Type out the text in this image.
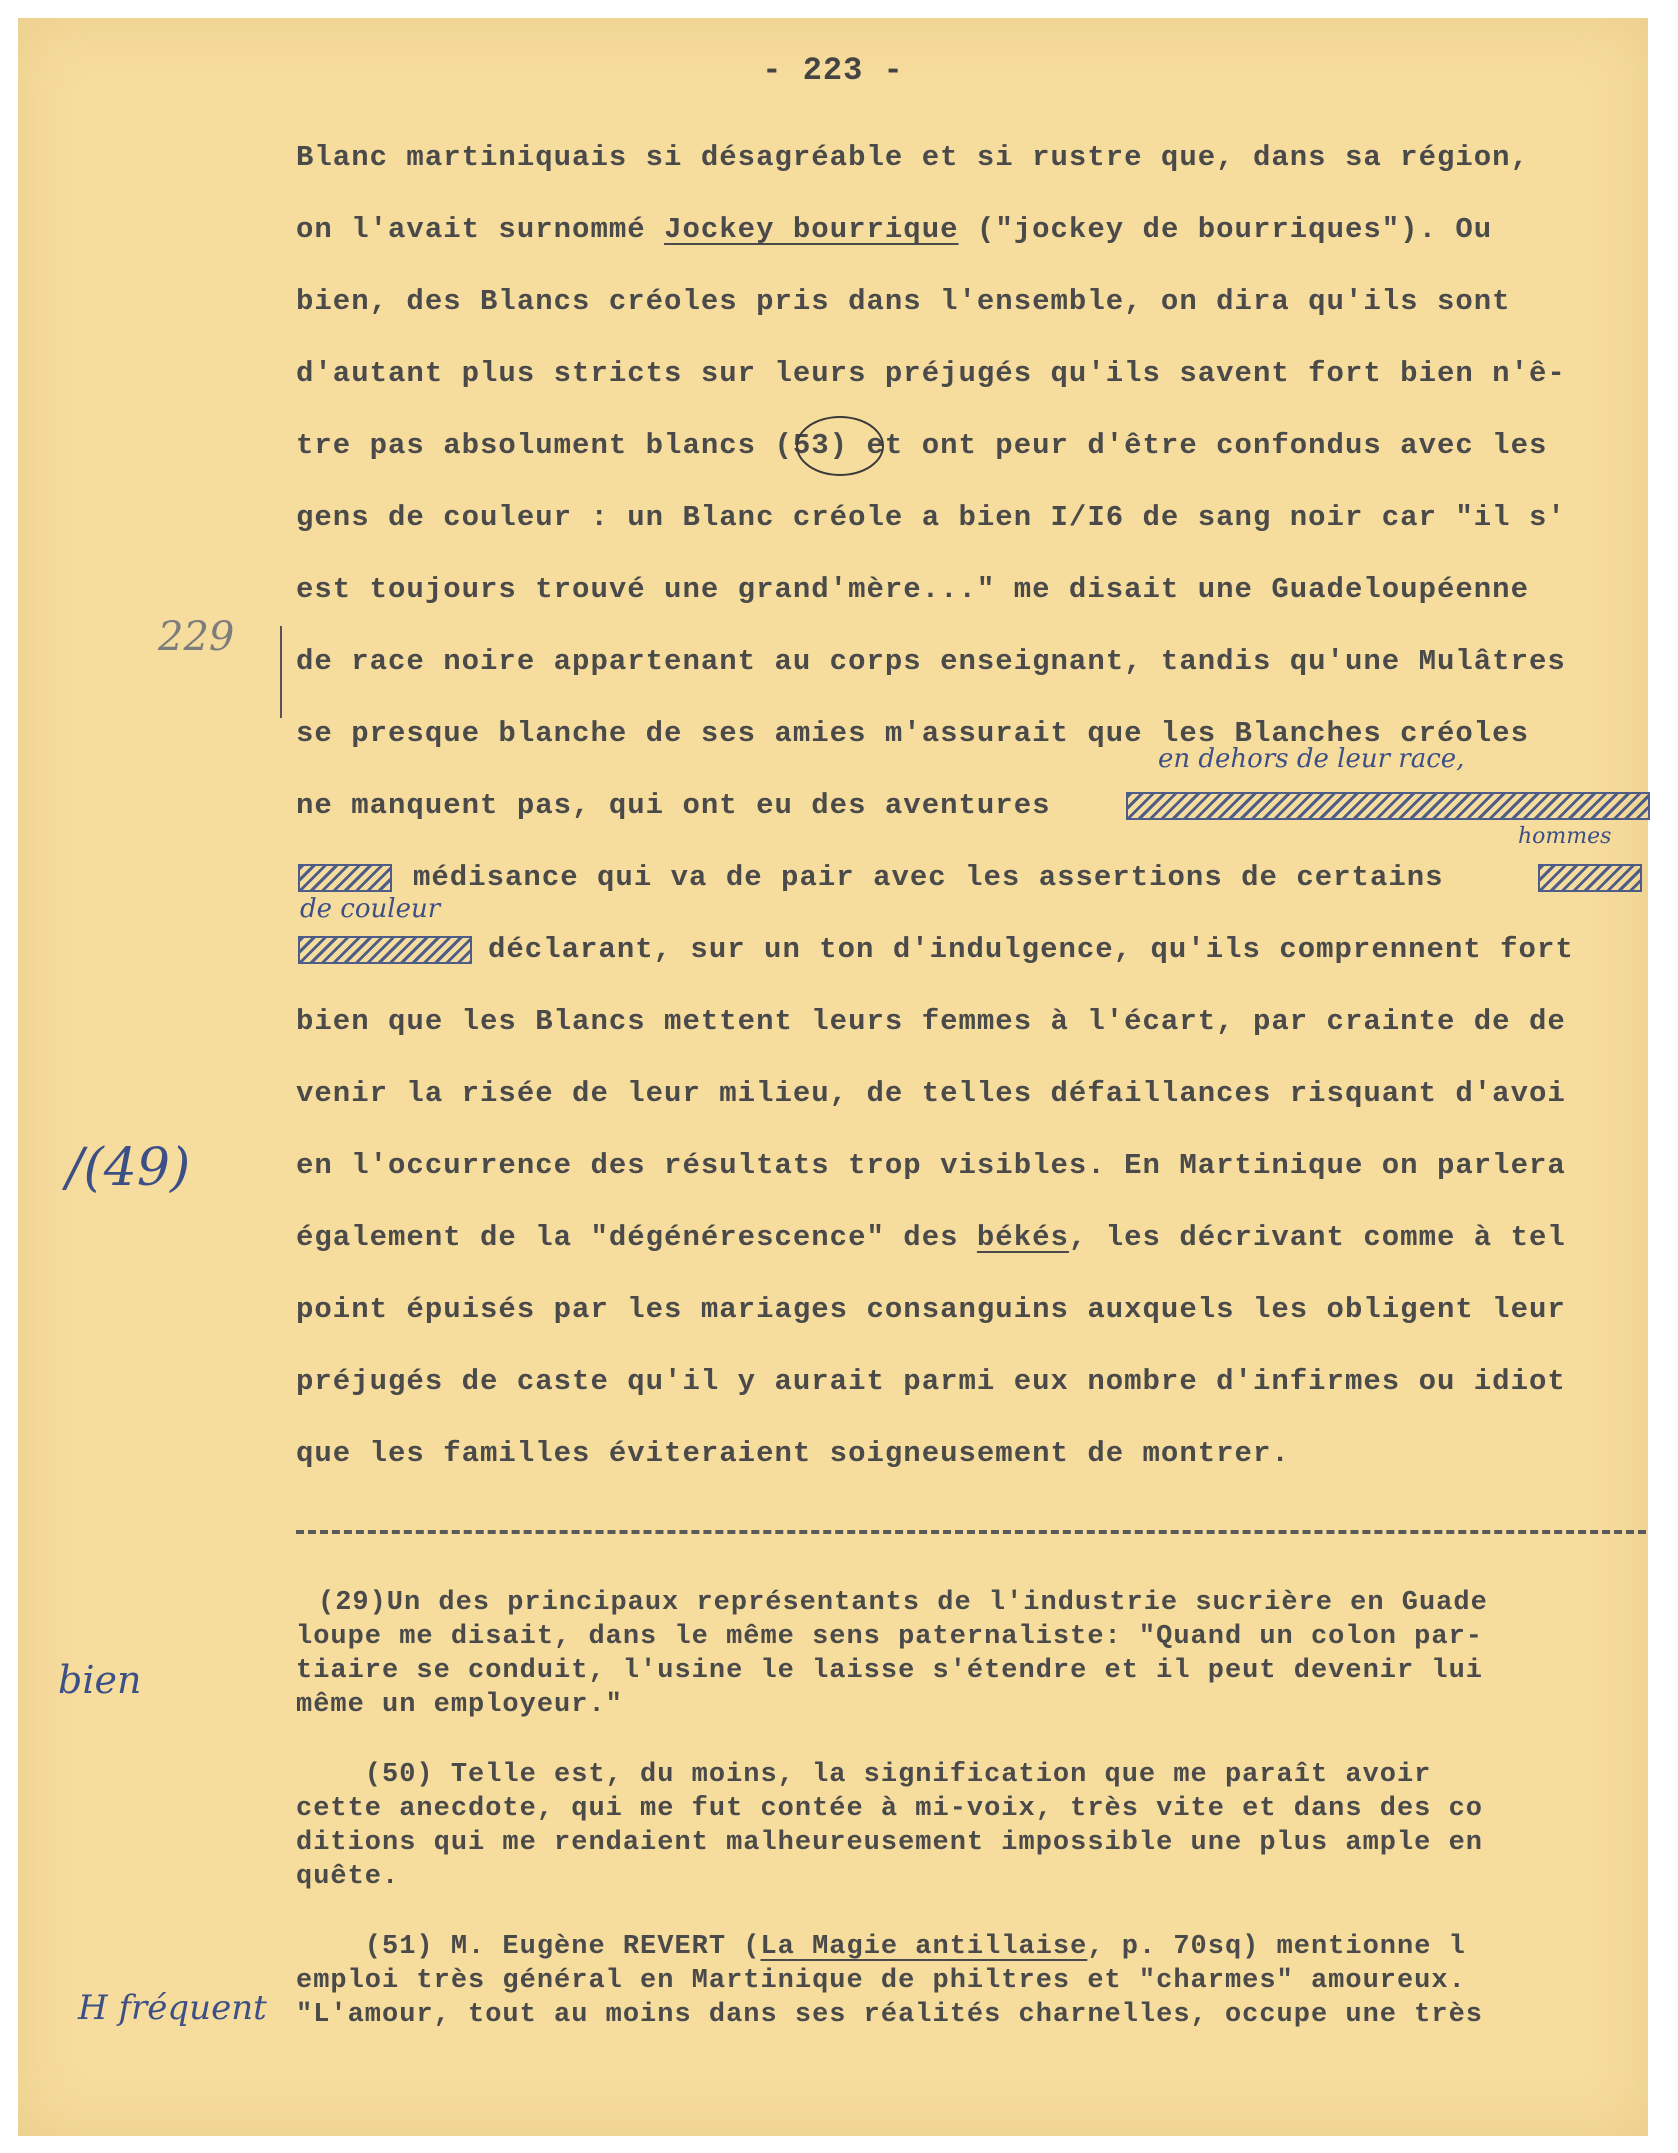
- 223 -
Blanc martiniquais si désagréable et si rustre que, dans sa région,
on l'avait surnommé Jockey bourrique ("jockey de bourriques"). Ou
bien, des Blancs créoles pris dans l'ensemble, on dira qu'ils sont
d'autant plus stricts sur leurs préjugés qu'ils savent fort bien n'ê-
tre pas absolument blancs (53) et ont peur d'être confondus avec les
gens de couleur : un Blanc créole a bien I/I6 de sang noir car "il s'
est toujours trouvé une grand'mère..." me disait une Guadeloupéenne
de race noire appartenant au corps enseignant, tandis qu'une Mulâtres
se presque blanche de ses amies m'assurait que les Blanches créoles
ne manquent pas, qui ont eu des aventures
médisance qui va de pair avec les assertions de certains
déclarant, sur un ton d'indulgence, qu'ils comprennent fort
bien que les Blancs mettent leurs femmes à l'écart, par crainte de de
venir la risée de leur milieu, de telles défaillances risquant d'avoi
en l'occurrence des résultats trop visibles. En Martinique on parlera
également de la "dégénérescence" des békés, les décrivant comme à tel
point épuisés par les mariages consanguins auxquels les obligent leur
préjugés de caste qu'il y aurait parmi eux nombre d'infirmes ou idiot
que les familles éviteraient soigneusement de montrer.
en dehors de leur race,
hommes
de couleur
229
/(49)
bien
H fréquent
(29)Un des principaux représentants de l'industrie sucrière en Guade
loupe me disait, dans le même sens paternaliste: "Quand un colon par-
tiaire se conduit, l'usine le laisse s'étendre et il peut devenir lui
même un employeur."
(50) Telle est, du moins, la signification que me paraît avoir
cette anecdote, qui me fut contée à mi-voix, très vite et dans des co
ditions qui me rendaient malheureusement impossible une plus ample en
quête.
(51) M. Eugène REVERT (La Magie antillaise, p. 70sq) mentionne l
emploi très général en Martinique de philtres et "charmes" amoureux.
"L'amour, tout au moins dans ses réalités charnelles, occupe une très
